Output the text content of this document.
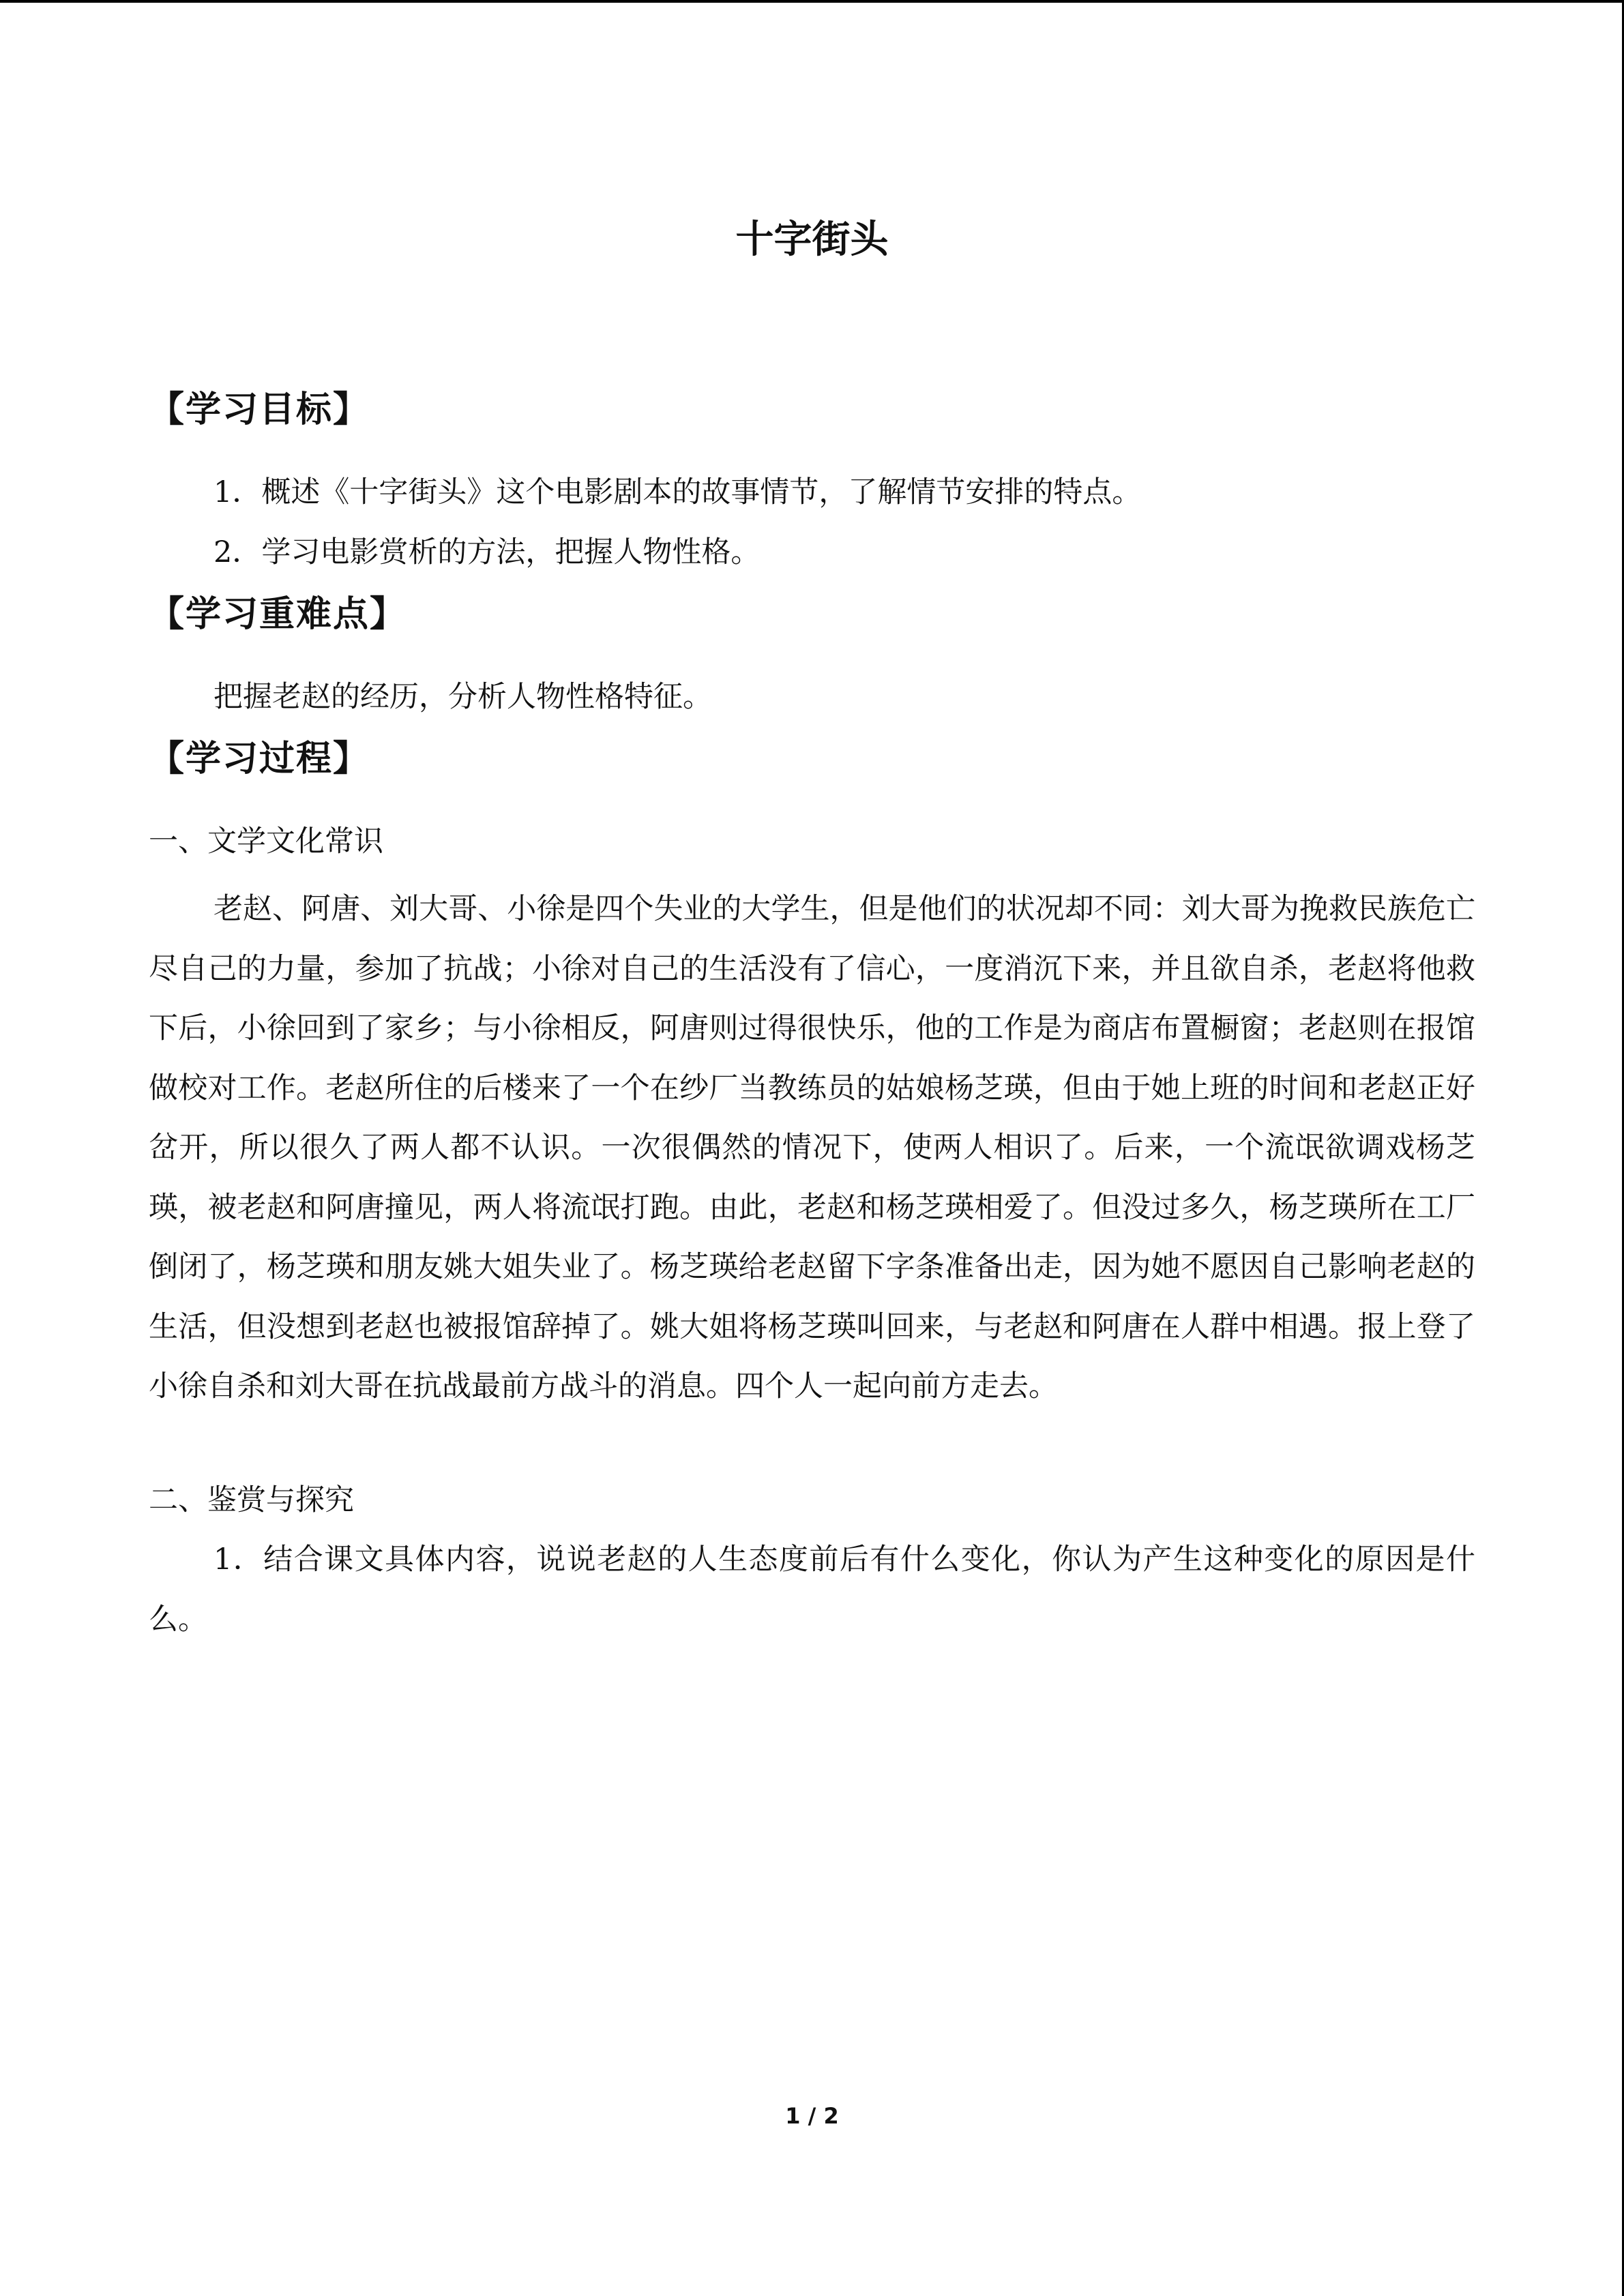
十字街头
【学习目标】
1．概述《十字街头》这个电影剧本的故事情节，了解情节安排的特点。
2．学习电影赏析的方法，把握人物性格。
【学习重难点】
把握老赵的经历，分析人物性格特征。
【学习过程】
一、文学文化常识
老赵、阿唐、刘大哥、小徐是四个失业的大学生，但是他们的状况却不同：刘大哥为挽救民族危亡尽自己的力量，参加了抗战；小徐对自己的生活没有了信心，一度消沉下来，并且欲自杀，老赵将他救下后，小徐回到了家乡；与小徐相反，阿唐则过得很快乐，他的工作是为商店布置橱窗；老赵则在报馆做校对工作。老赵所住的后楼来了一个在纱厂当教练员的姑娘杨芝瑛，但由于她上班的时间和老赵正好岔开，所以很久了两人都不认识。一次很偶然的情况下，使两人相识了。后来，一个流氓欲调戏杨芝瑛，被老赵和阿唐撞见，两人将流氓打跑。由此，老赵和杨芝瑛相爱了。但没过多久，杨芝瑛所在工厂倒闭了，杨芝瑛和朋友姚大姐失业了。杨芝瑛给老赵留下字条准备出走，因为她不愿因自己影响老赵的生活，但没想到老赵也被报馆辞掉了。姚大姐将杨芝瑛叫回来，与老赵和阿唐在人群中相遇。报上登了小徐自杀和刘大哥在抗战最前方战斗的消息。四个人一起向前方走去。
二、鉴赏与探究
1．结合课文具体内容，说说老赵的人生态度前后有什么变化，你认为产生这种变化的原因是什么。
1 / 2
